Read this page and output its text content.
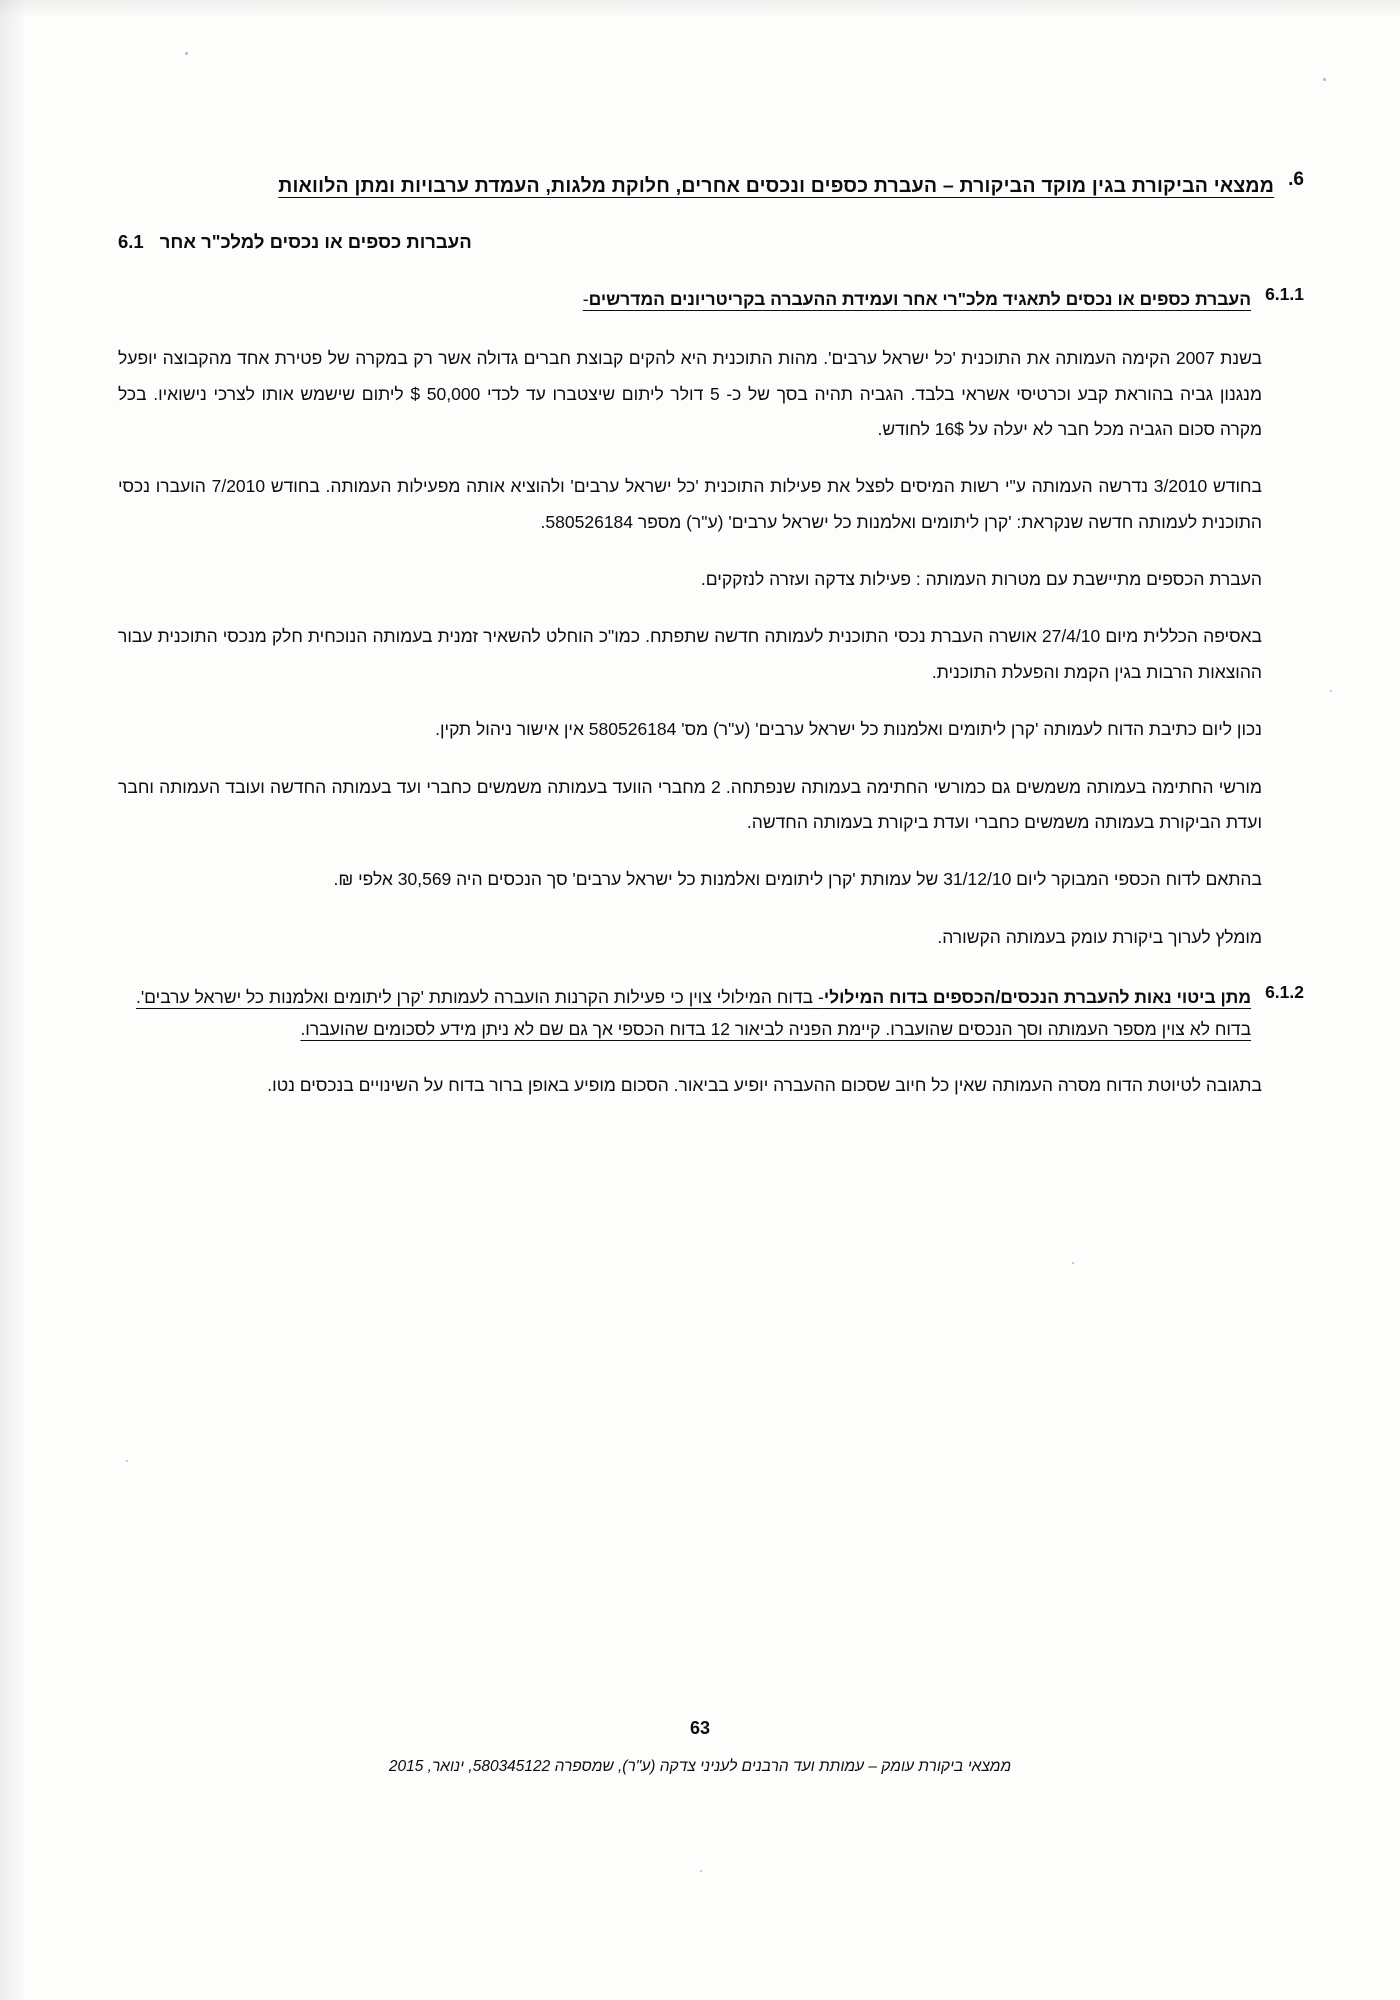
6.
ממצאי הביקורת בגין מוקד הביקורת – העברת כספים ונכסים אחרים, חלוקת מלגות, העמדת ערבויות ומתן הלוואות
העברות כספים או נכסים למלכ"ר אחר
6.1
6.1.1
העברת כספים או נכסים לתאגיד מלכ"רי אחר ועמידת ההעברה בקריטריונים המדרשים-

בשנת 2007 הקימה העמותה את התוכנית 'כל ישראל ערבים'. מהות התוכנית היא להקים קבוצת חברים גדולה אשר רק במקרה של פטירת אחד מהקבוצה יופעל מנגנון גביה בהוראת קבע וכרטיסי אשראי בלבד. הגביה תהיה בסך של כ- 5 דולר ליתום שיצטברו עד לכדי 50,000 $ ליתום שישמש אותו לצרכי נישואיו. בכל מקרה סכום הגביה מכל חבר לא יעלה על 16$ לחודש.

בחודש 3/2010 נדרשה העמותה ע"י רשות המיסים לפצל את פעילות התוכנית 'כל ישראל ערבים' ולהוציא אותה מפעילות העמותה. בחודש 7/2010 הועברו נכסי התוכנית לעמותה חדשה שנקראת: 'קרן ליתומים ואלמנות כל ישראל ערבים' (ע"ר) מספר 580526184.

העברת הכספים מתיישבת עם מטרות העמותה : פעילות צדקה ועזרה לנזקקים.

באסיפה הכללית מיום 27/4/10 אושרה העברת נכסי התוכנית לעמותה חדשה שתפתח. כמו"כ הוחלט להשאיר זמנית בעמותה הנוכחית חלק מנכסי התוכנית עבור ההוצאות הרבות בגין הקמת והפעלת התוכנית.

נכון ליום כתיבת הדוח לעמותה 'קרן ליתומים ואלמנות כל ישראל ערבים' (ע"ר) מס' 580526184 אין אישור ניהול תקין.

מורשי החתימה בעמותה משמשים גם כמורשי החתימה בעמותה שנפתחה. 2 מחברי הוועד בעמותה משמשים כחברי ועד בעמותה החדשה ועובד העמותה וחבר ועדת הביקורת בעמותה משמשים כחברי ועדת ביקורת בעמותה החדשה.

בהתאם לדוח הכספי המבוקר ליום 31/12/10 של עמותת 'קרן ליתומים ואלמנות כל ישראל ערבים' סך הנכסים היה 30,569 אלפי ₪.

מומלץ לערוך ביקורת עומק בעמותה הקשורה.

6.1.2
מתן ביטוי נאות להעברת הנכסים/הכספים בדוח המילולי- בדוח המילולי צוין כי פעילות הקרנות הועברה לעמותת 'קרן ליתומים ואלמנות כל ישראל ערבים'. בדוח לא צוין מספר העמותה וסך הנכסים שהועברו. קיימת הפניה לביאור 12 בדוח הכספי אך גם שם לא ניתן מידע לסכומים שהועברו.

בתגובה לטיוטת הדוח מסרה העמותה שאין כל חיוב שסכום ההעברה יופיע בביאור. הסכום מופיע באופן ברור בדוח על השינויים בנכסים נטו.

63
ממצאי ביקורת עומק – עמותת ועד הרבנים לעניני צדקה (ע"ר), שמספרה 580345122, ינואר, 2015
